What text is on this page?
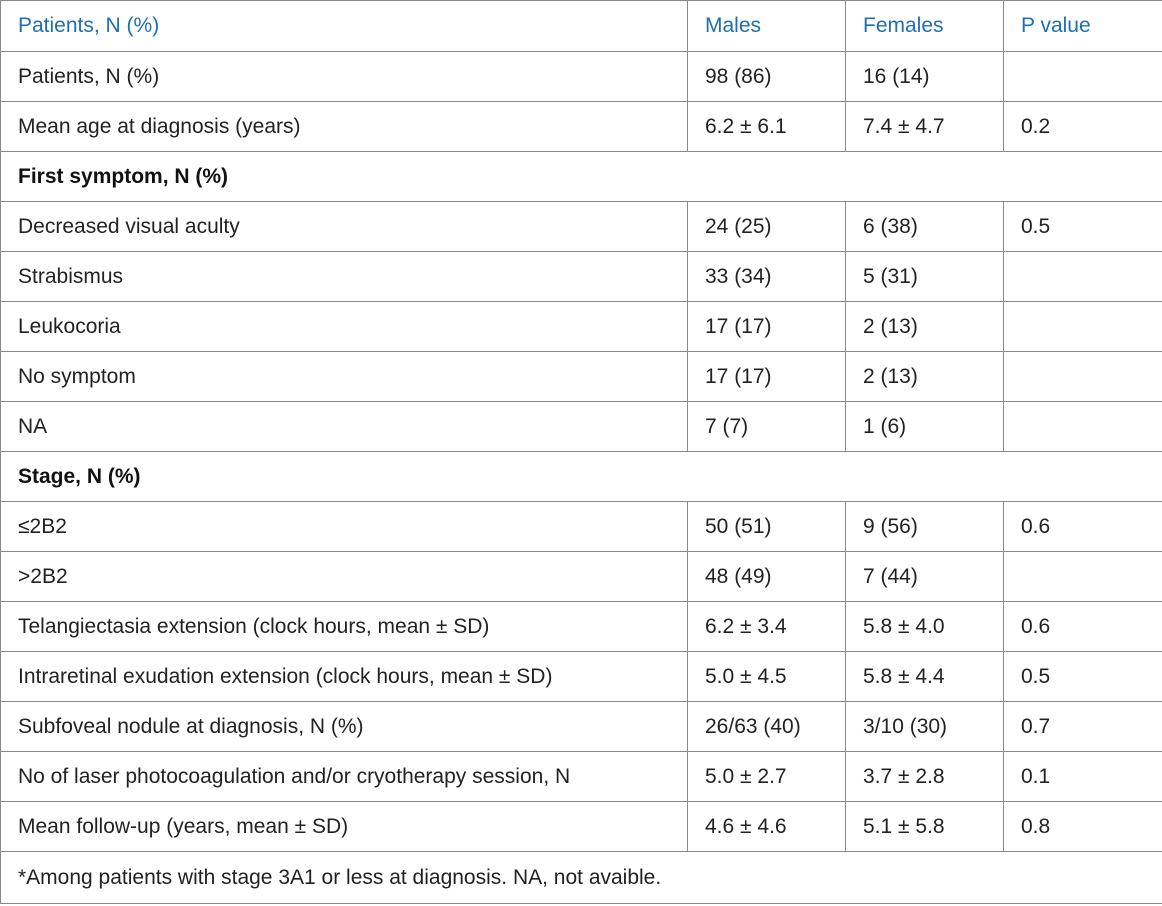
Patients, N (%)	Males	Females	P value
Patients, N (%)	98 (86)	16 (14)	
Mean age at diagnosis (years)	6.2 ± 6.1	7.4 ± 4.7	0.2
First symptom, N (%)			
Decreased visual aculty	24 (25)	6 (38)	0.5
Strabismus	33 (34)	5 (31)	
Leukocoria	17 (17)	2 (13)	
No symptom	17 (17)	2 (13)	
NA	7 (7)	1 (6)	
Stage, N (%)			
≤2B2	50 (51)	9 (56)	0.6
>2B2	48 (49)	7 (44)	
Telangiectasia extension (clock hours, mean ± SD)	6.2 ± 3.4	5.8 ± 4.0	0.6
Intraretinal exudation extension (clock hours, mean ± SD)	5.0 ± 4.5	5.8 ± 4.4	0.5
Subfoveal nodule at diagnosis, N (%)	26/63 (40)	3/10 (30)	0.7
No of laser photocoagulation and/or cryotherapy session, N	5.0 ± 2.7	3.7 ± 2.8	0.1
Mean follow-up (years, mean ± SD)	4.6 ± 4.6	5.1 ± 5.8	0.8
*Among patients with stage 3A1 or less at diagnosis. NA, not avaible.			
